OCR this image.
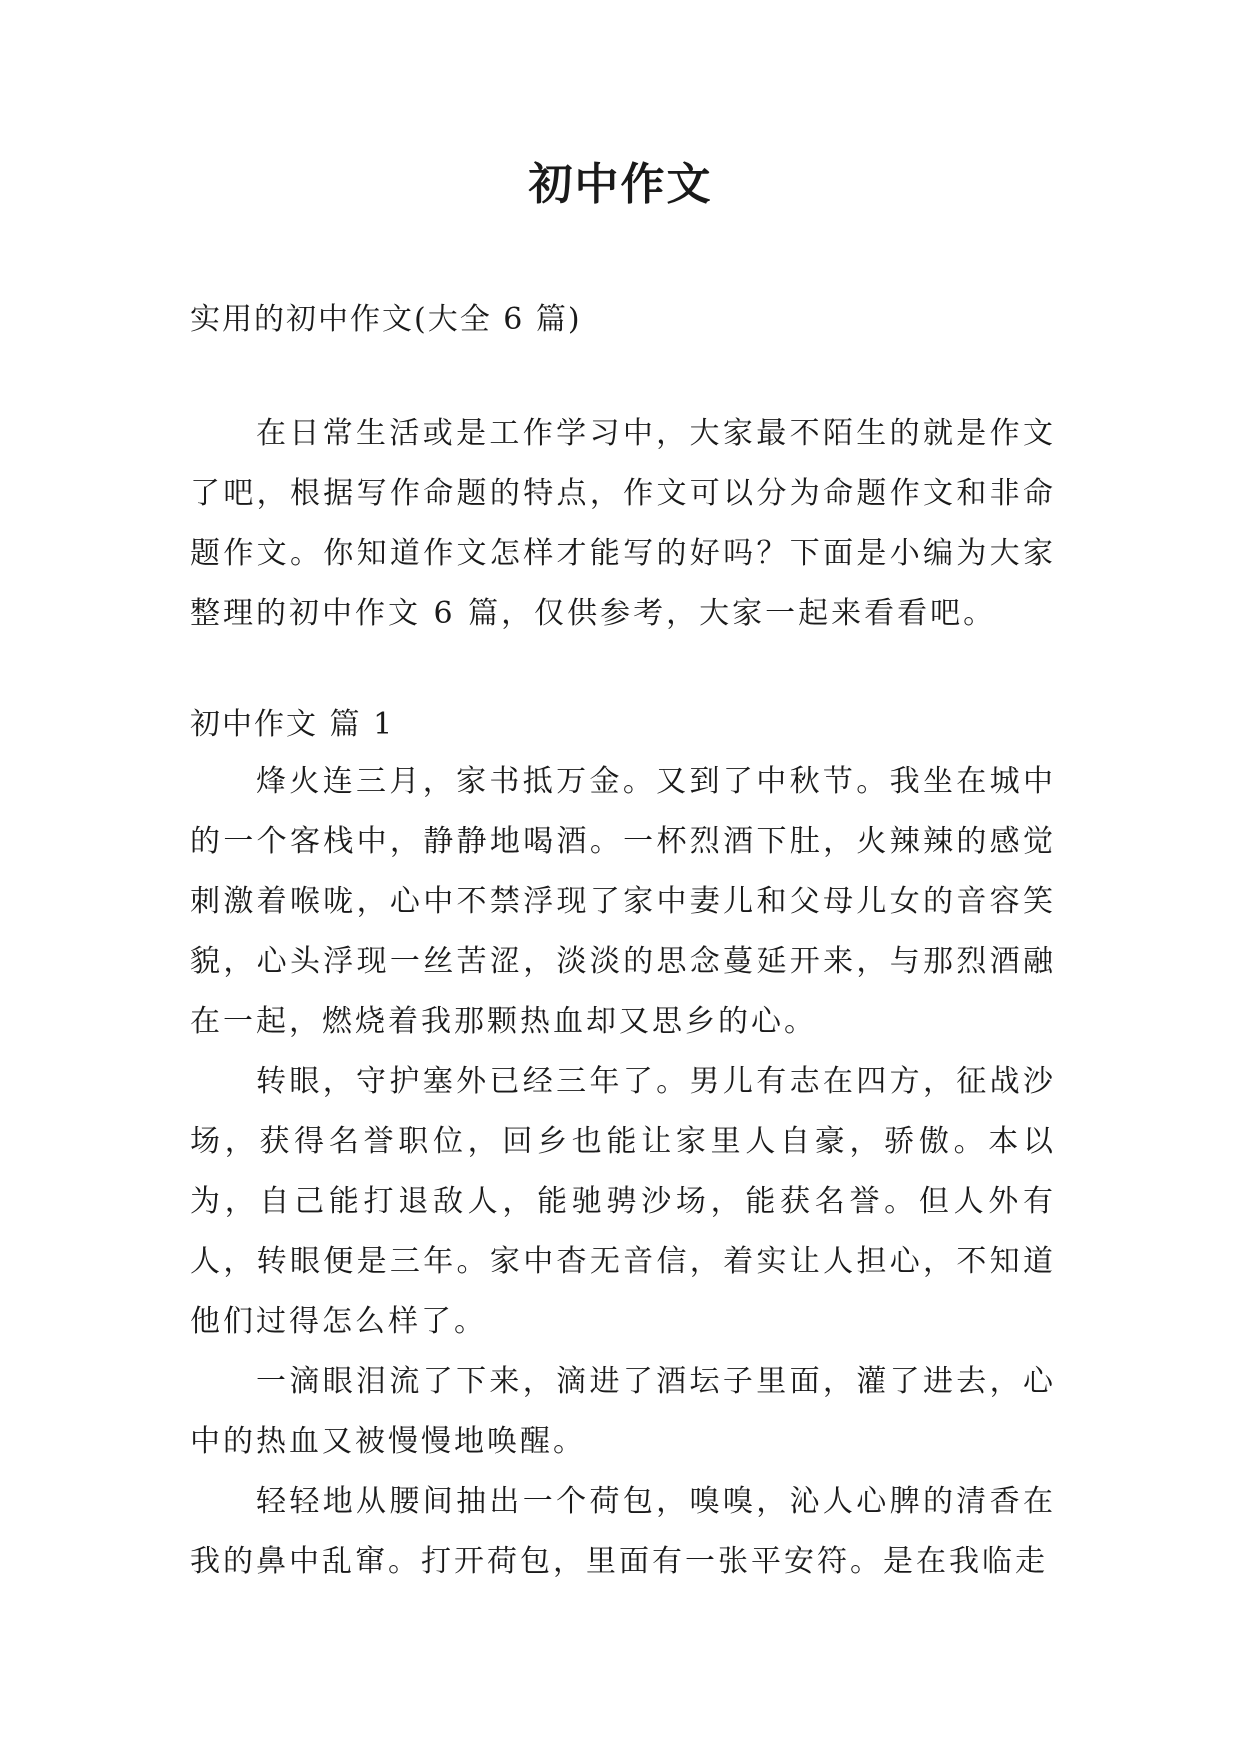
初中作文
实用的初中作文(大全 6 篇)

在日常生活或是工作学习中，大家最不陌生的就是作文了吧，根据写作命题的特点，作文可以分为命题作文和非命题作文。你知道作文怎样才能写的好吗？下面是小编为大家整理的初中作文 6 篇，仅供参考，大家一起来看看吧。

初中作文 篇 1

烽火连三月，家书抵万金。又到了中秋节。我坐在城中的一个客栈中，静静地喝酒。一杯烈酒下肚，火辣辣的感觉刺激着喉咙，心中不禁浮现了家中妻儿和父母儿女的音容笑貌，心头浮现一丝苦涩，淡淡的思念蔓延开来，与那烈酒融在一起，燃烧着我那颗热血却又思乡的心。

转眼，守护塞外已经三年了。男儿有志在四方，征战沙场，获得名誉职位，回乡也能让家里人自豪，骄傲。本以为，自己能打退敌人，能驰骋沙场，能获名誉。但人外有人，转眼便是三年。家中杳无音信，着实让人担心，不知道他们过得怎么样了。

一滴眼泪流了下来，滴进了酒坛子里面，灌了进去，心中的热血又被慢慢地唤醒。

轻轻地从腰间抽出一个荷包，嗅嗅，沁人心脾的清香在我的鼻中乱窜。打开荷包，里面有一张平安符。是在我临走
